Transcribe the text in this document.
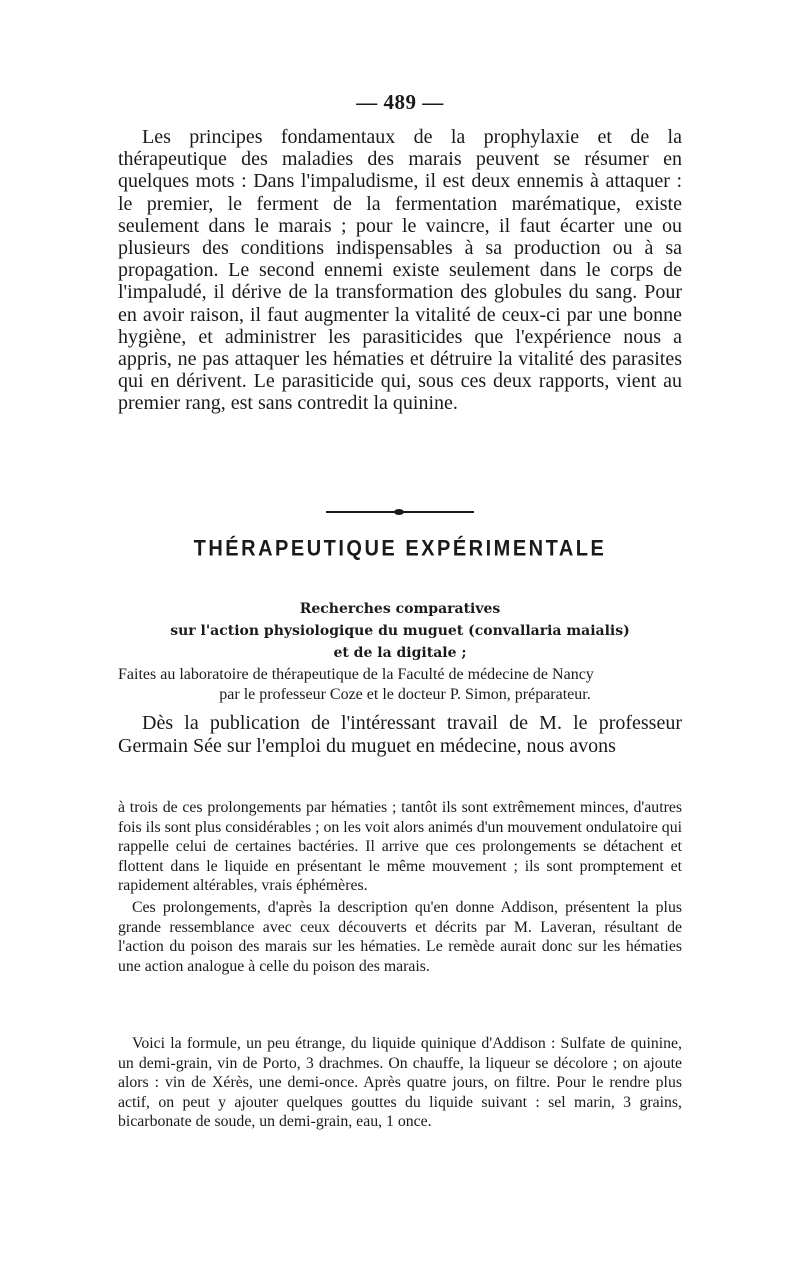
— 489 —

Les principes fondamentaux de la prophylaxie et de la thérapeutique des maladies des marais peuvent se résumer en quelques mots : Dans l'impaludisme, il est deux ennemis à attaquer : le premier, le ferment de la fermentation marématique, existe seulement dans le marais ; pour le vaincre, il faut écarter une ou plusieurs des conditions indispensables à sa production ou à sa propagation. Le second ennemi existe seulement dans le corps de l'impaludé, il dérive de la transformation des globules du sang. Pour en avoir raison, il faut augmenter la vitalité de ceux-ci par une bonne hygiène, et administrer les parasiticides que l'expérience nous a appris, ne pas attaquer les hématies et détruire la vitalité des parasites qui en dérivent. Le parasiticide qui, sous ces deux rapports, vient au premier rang, est sans contredit la quinine.

THÉRAPEUTIQUE EXPÉRIMENTALE

Recherches comparatives

sur l'action physiologique du muguet (convallaria maialis)

et de la digitale ;

Faites au laboratoire de thérapeutique de la Faculté de médecine de Nancy
par le professeur Coze et le docteur P. Simon, préparateur.

Dès la publication de l'intéressant travail de M. le professeur Germain Sée sur l'emploi du muguet en médecine, nous avons

à trois de ces prolongements par hématies ; tantôt ils sont extrêmement minces, d'autres fois ils sont plus considérables ; on les voit alors animés d'un mouvement ondulatoire qui rappelle celui de certaines bactéries. Il arrive que ces prolongements se détachent et flottent dans le liquide en présentant le même mouvement ; ils sont promptement et rapidement altérables, vrais éphémères.

Ces prolongements, d'après la description qu'en donne Addison, présentent la plus grande ressemblance avec ceux découverts et décrits par M. Laveran, résultant de l'action du poison des marais sur les hématies. Le remède aurait donc sur les hématies une action analogue à celle du poison des marais.

Voici la formule, un peu étrange, du liquide quinique d'Addison : Sulfate de quinine, un demi-grain, vin de Porto, 3 drachmes. On chauffe, la liqueur se décolore ; on ajoute alors : vin de Xérès, une demi-once. Après quatre jours, on filtre. Pour le rendre plus actif, on peut y ajouter quelques gouttes du liquide suivant : sel marin, 3 grains, bicarbonate de soude, un demi-grain, eau, 1 once.
